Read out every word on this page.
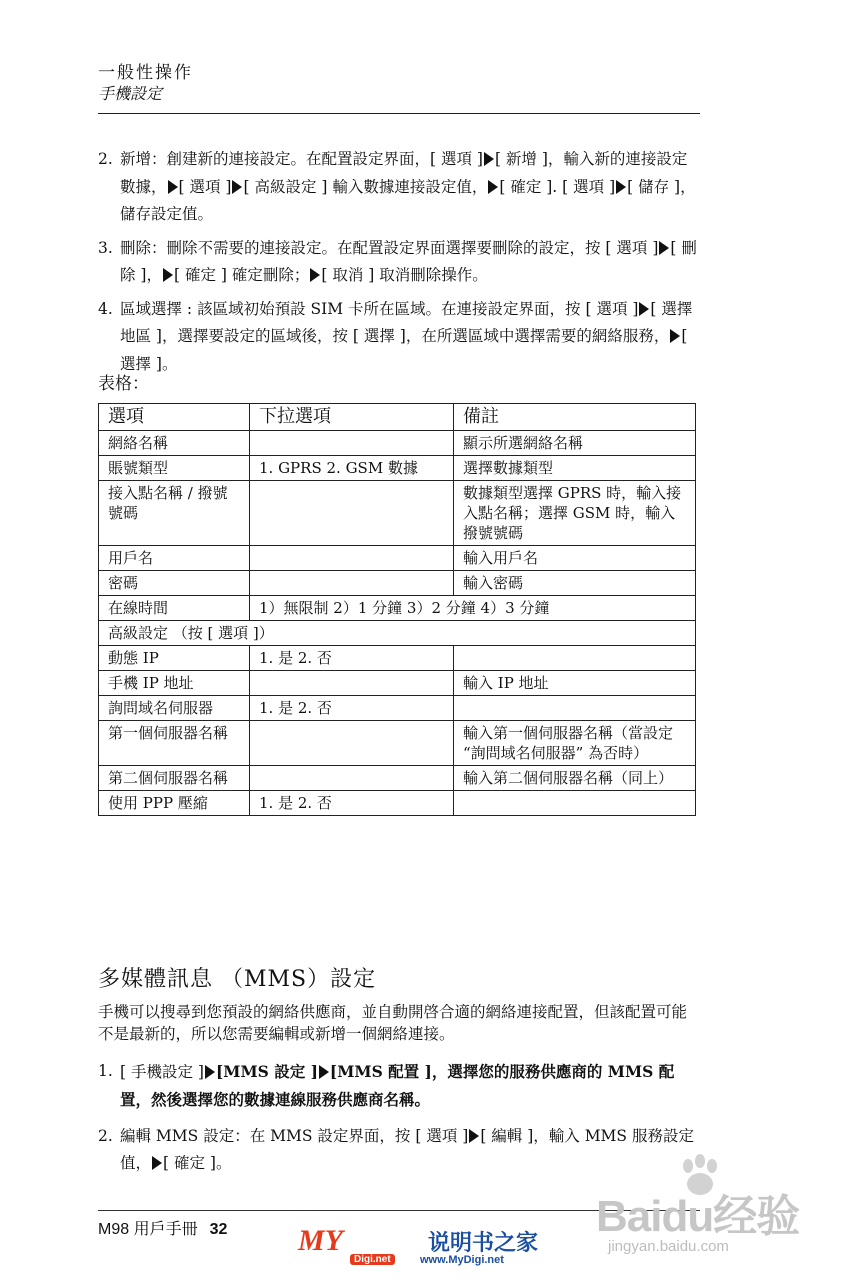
一般性操作
手機設定
2. 新增：創建新的連接設定。在配置設定界面，[ 選項 ] [ 新增 ]，輸入新的連接設定數據， [ 選項 ] [ 高級設定 ] 輸入數據連接設定值， [ 確定 ]. [ 選項 ] [ 儲存 ]，儲存設定值。
3. 刪除：刪除不需要的連接設定。在配置設定界面選擇要刪除的設定，按 [ 選項 ] [ 刪除 ]， [ 確定 ] 確定刪除； [ 取消 ] 取消刪除操作。
4. 區域選擇 : 該區域初始預設 SIM 卡所在區域。在連接設定界面，按 [ 選項 ] [ 選擇地區 ]，選擇要設定的區域後，按 [ 選擇 ]，在所選區域中選擇需要的網絡服務， [ 選擇 ]。
表格：
選項	下拉選項	備註
網絡名稱		顯示所選網絡名稱
賬號類型	1. GPRS 2. GSM 數據	選擇數據類型
接入點名稱 / 撥號號碼		數據類型選擇 GPRS 時，輸入接入點名稱；選擇 GSM 時，輸入撥號號碼
用戶名		輸入用戶名
密碼		輸入密碼
在線時間	1）無限制 2）1 分鐘 3）2 分鐘 4）3 分鐘	
高級設定 （按 [ 選項 ]）		
動態 IP	1. 是 2. 否	
手機 IP 地址		輸入 IP 地址
詢問域名伺服器	1. 是 2. 否	
第一個伺服器名稱		輸入第一個伺服器名稱（當設定 “詢問域名伺服器” 為否時）
第二個伺服器名稱		輸入第二個伺服器名稱（同上）
使用 PPP 壓縮	1. 是 2. 否	
多媒體訊息 （MMS）設定
手機可以搜尋到您預設的網絡供應商，並自動開啓合適的網絡連接配置，但該配置可能不是最新的，所以您需要編輯或新增一個網絡連接。
1. [ 手機設定 ] [MMS 設定 ] [MMS 配置 ]，選擇您的服務供應商的 MMS 配置，然後選擇您的數據連線服務供應商名稱。
2. 編輯 MMS 設定：在 MMS 設定界面，按 [ 選項 ] [ 編輯 ]，輸入 MMS 服務設定值， [ 確定 ]。
M98 用戶手冊 32 MY
Digi.net
说明书之家
www.MyDigi.net
Baidu经验
jingyan.baidu.com
